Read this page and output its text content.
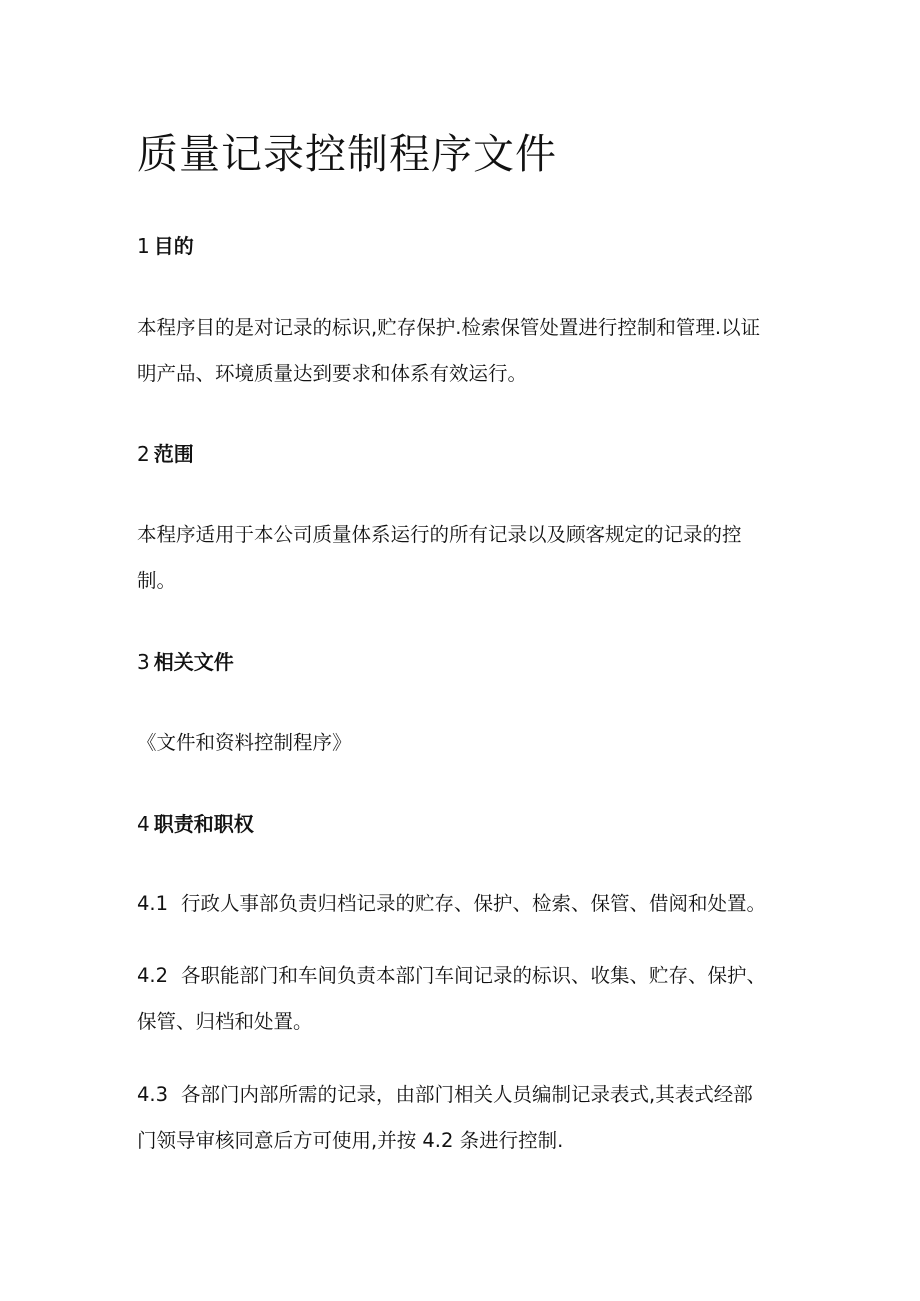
质量记录控制程序文件
1 目的
本程序目的是对记录的标识,贮存保护.检索保管处置进行控制和管理.以证
明产品、环境质量达到要求和体系有效运行。
2 范围
本程序适用于本公司质量体系运行的所有记录以及顾客规定的记录的控
制。
3 相关文件
《文件和资料控制程序》
4 职责和职权
4.1 行政人事部负责归档记录的贮存、保护、检索、保管、借阅和处置。
4.2 各职能部门和车间负责本部门车间记录的标识、收集、贮存、保护、
保管、归档和处置。
4.3 各部门内部所需的记录，由部门相关人员编制记录表式,其表式经部
门领导审核同意后方可使用,并按 4.2 条进行控制.
